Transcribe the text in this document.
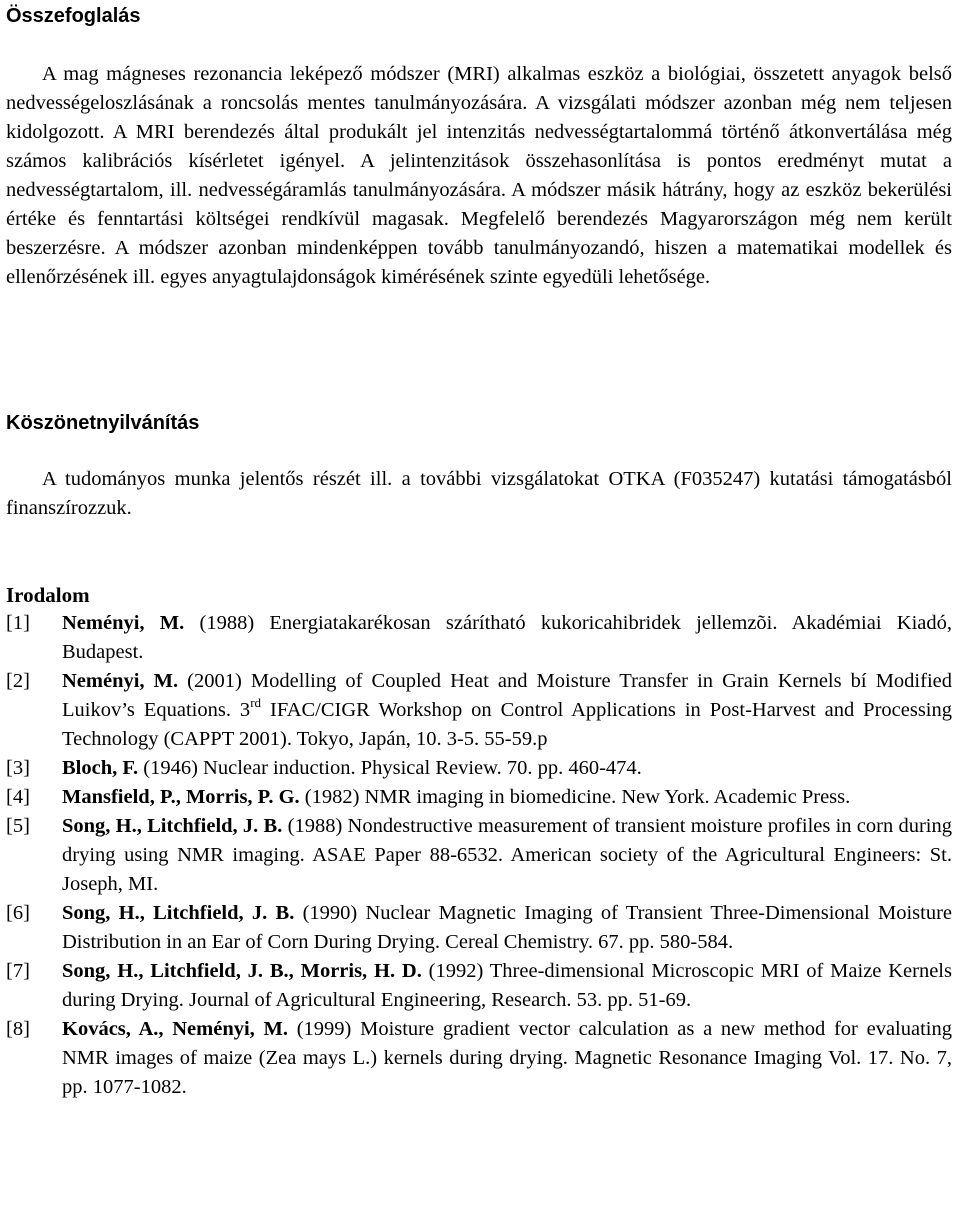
Összefoglalás
A mag mágneses rezonancia leképező módszer (MRI) alkalmas eszköz a biológiai, összetett anyagok belső nedvességeloszlásának a roncsolás mentes tanulmányozására. A vizsgálati módszer azonban még nem teljesen kidolgozott. A MRI berendezés által produkált jel intenzitás nedvességtartalommá történő átkonvertálása még számos kalibrációs kísérletet igényel. A jelintenzitások összehasonlítása is pontos eredményt mutat a nedvességtartalom, ill. nedvességáramlás tanulmányozására. A módszer másik hátrány, hogy az eszköz bekerülési értéke és fenntartási költségei rendkívül magasak. Megfelelő berendezés Magyarországon még nem került beszerzésre. A módszer azonban mindenképpen tovább tanulmányozandó, hiszen a matematikai modellek és ellenőrzésének ill. egyes anyagtulajdonságok kimérésének szinte egyedüli lehetősége.
Köszönetnyilvánítás
A tudományos munka jelentős részét ill. a további vizsgálatokat OTKA (F035247) kutatási támogatásból finanszírozzuk.
Irodalom
[1] Neményi, M. (1988) Energiatakarékosan szárítható kukoricahibridek jellemzõi. Akadémiai Kiadó, Budapest.
[2] Neményi, M. (2001) Modelling of Coupled Heat and Moisture Transfer in Grain Kernels bí Modified Luikov’s Equations. 3rd IFAC/CIGR Workshop on Control Applications in Post-Harvest and Processing Technology (CAPPT 2001). Tokyo, Japán, 10. 3-5. 55-59.p
[3] Bloch, F. (1946) Nuclear induction. Physical Review. 70. pp. 460-474.
[4] Mansfield, P., Morris, P. G. (1982) NMR imaging in biomedicine. New York. Academic Press.
[5] Song, H., Litchfield, J. B. (1988) Nondestructive measurement of transient moisture profiles in corn during drying using NMR imaging. ASAE Paper 88-6532. American society of the Agricultural Engineers: St. Joseph, MI.
[6] Song, H., Litchfield, J. B. (1990) Nuclear Magnetic Imaging of Transient Three-Dimensional Moisture Distribution in an Ear of Corn During Drying. Cereal Chemistry. 67. pp. 580-584.
[7] Song, H., Litchfield, J. B., Morris, H. D. (1992) Three-dimensional Microscopic MRI of Maize Kernels during Drying. Journal of Agricultural Engineering, Research. 53. pp. 51-69.
[8] Kovács, A., Neményi, M. (1999) Moisture gradient vector calculation as a new method for evaluating NMR images of maize (Zea mays L.) kernels during drying. Magnetic Resonance Imaging Vol. 17. No. 7, pp. 1077-1082.
